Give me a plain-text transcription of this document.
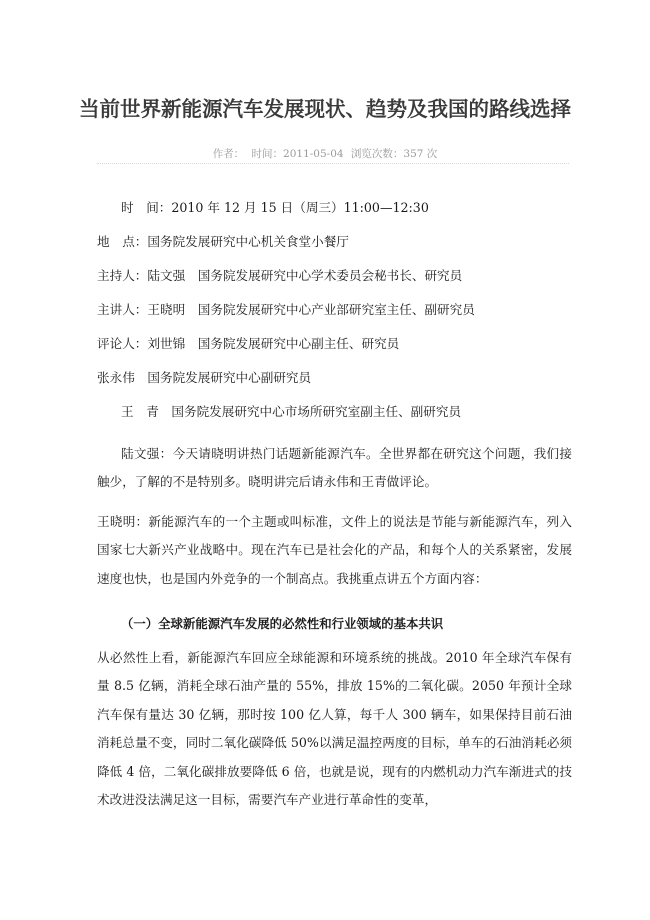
当前世界新能源汽车发展现状、趋势及我国的路线选择
作者： 时间：2011-05-04 浏览次数：357 次
时　间：2010 年 12 月 15 日（周三）11:00—12:30
地　点：国务院发展研究中心机关食堂小餐厅
主持人：陆文强　国务院发展研究中心学术委员会秘书长、研究员
主讲人：王晓明　国务院发展研究中心产业部研究室主任、副研究员
评论人：刘世锦　国务院发展研究中心副主任、研究员
张永伟　国务院发展研究中心副研究员
王　青　国务院发展研究中心市场所研究室副主任、副研究员
陆文强：今天请晓明讲热门话题新能源汽车。全世界都在研究这个问题，我们接触少，了解的不是特别多。晓明讲完后请永伟和王青做评论。
王晓明：新能源汽车的一个主题或叫标准，文件上的说法是节能与新能源汽车，列入国家七大新兴产业战略中。现在汽车已是社会化的产品，和每个人的关系紧密，发展速度也快，也是国内外竞争的一个制高点。我挑重点讲五个方面内容：
（一）全球新能源汽车发展的必然性和行业领域的基本共识
从必然性上看，新能源汽车回应全球能源和环境系统的挑战。2010 年全球汽车保有量 8.5 亿辆，消耗全球石油产量的 55%，排放 15%的二氧化碳。2050 年预计全球汽车保有量达 30 亿辆，那时按 100 亿人算，每千人 300 辆车，如果保持目前石油消耗总量不变，同时二氧化碳降低 50%以满足温控两度的目标，单车的石油消耗必须降低 4 倍，二氧化碳排放要降低 6 倍，也就是说，现有的内燃机动力汽车渐进式的技术改进没法满足这一目标，需要汽车产业进行革命性的变革，
